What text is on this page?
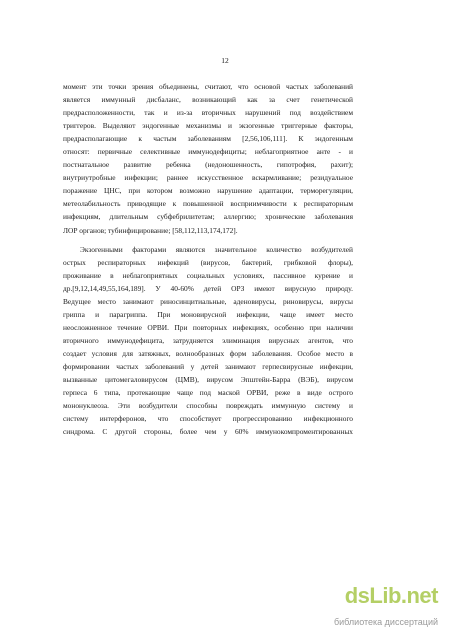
12
момент эти точки зрения объединены, считают, что основой частых заболеваний
является иммунный дисбаланс, возникающий как за счет генетической
предрасположенности, так и из-за вторичных нарушений под воздействием
триггеров. Выделяют эндогенные механизмы и экзогенные триггерные факторы,
предрасполагающие к частым заболеваниям [2,56,106,111]. К эндогенным
относят: первичные селективные иммунодефициты; неблагоприятное анте - и
постнатальное развитие ребенка (недоношенность, гипотрофия, рахит);
внутриутробные инфекции; раннее искусственное вскармливание; резидуальное
поражение ЦНС, при котором возможно нарушение адаптации, терморегуляции,
метеолабильность приводящие к повышенной восприимчивости к респираторным
инфекциям, длительным субфебрилитетам; аллергию; хронические заболевания
ЛОР органов; тубинфицирование; [58,112,113,174,172].
Экзогенными факторами являются значительное количество возбудителей
острых респираторных инфекций (вирусов, бактерий, грибковой флоры),
проживание в неблагоприятных социальных условиях, пассивное курение и
др.[9,12,14,49,55,164,189]. У 40-60% детей ОРЗ имеют вирусную природу.
Ведущее место занимают риносинцитиальные, аденовирусы, риновирусы, вирусы
гриппа и парагриппа. При моновирусной инфекции, чаще имеет место
неосложненное течение ОРВИ. При повторных инфекциях, особенно при наличии
вторичного иммунодефицита, затрудняется элиминация вирусных агентов, что
создает условия для затяжных, волнообразных форм заболевания. Особое место в
формировании частых заболеваний у детей занимают герпесвирусные инфекции,
вызванные цитомегаловирусом (ЦМВ), вирусом Эпштейн-Барра (ВЭБ), вирусом
герпеса 6 типа, протекающие чаще под маской ОРВИ, реже в виде острого
мононуклеоза. Эти возбудители способны повреждать иммунную систему и
систему интерферонов, что способствует прогрессированию инфекционного
синдрома. С другой стороны, более чем у 60% иммунокомпроментированных
dsLib.net
библиотека диссертаций
